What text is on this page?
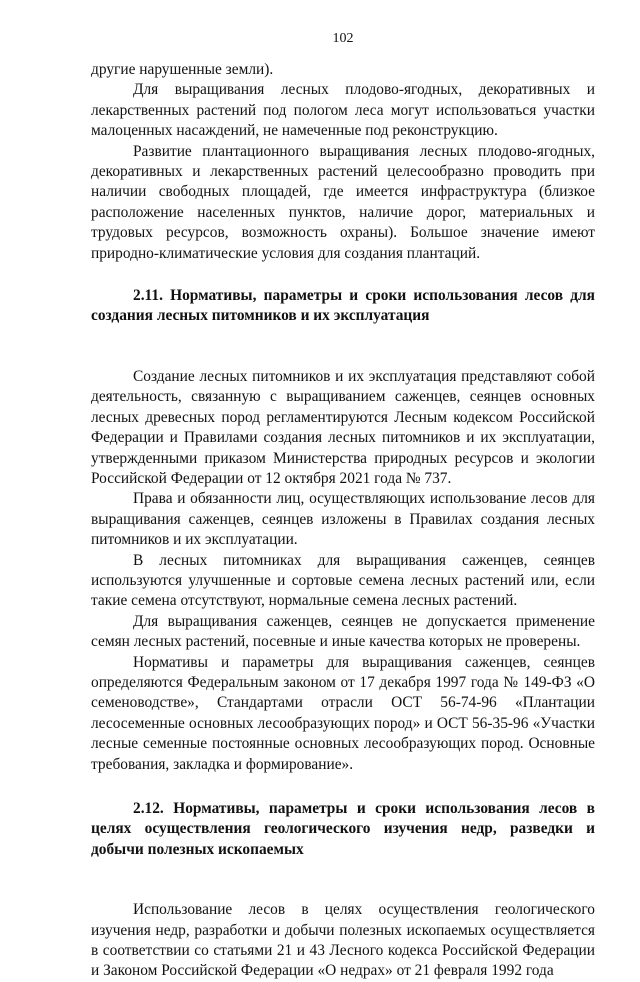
102

другие нарушенные земли).

Для выращивания лесных плодово-ягодных, декоративных и лекарственных растений под пологом леса могут использоваться участки малоценных насаждений, не намеченные под реконструкцию.

Развитие плантационного выращивания лесных плодово-ягодных, декоративных и лекарственных растений целесообразно проводить при наличии свободных площадей, где имеется инфраструктура (близкое расположение населенных пунктов, наличие дорог, материальных и трудовых ресурсов, возможность охраны). Большое значение имеют природно-климатические условия для создания плантаций.

2.11. Нормативы, параметры и сроки использования лесов для создания лесных питомников и их эксплуатация

Создание лесных питомников и их эксплуатация представляют собой деятельность, связанную с выращиванием саженцев, сеянцев основных лесных древесных пород регламентируются Лесным кодексом Российской Федерации и Правилами создания лесных питомников и их эксплуатации, утвержденными приказом Министерства природных ресурсов и экологии Российской Федерации от 12 октября 2021 года № 737.

Права и обязанности лиц, осуществляющих использование лесов для выращивания саженцев, сеянцев изложены в Правилах создания лесных питомников и их эксплуатации.

В лесных питомниках для выращивания саженцев, сеянцев используются улучшенные и сортовые семена лесных растений или, если такие семена отсутствуют, нормальные семена лесных растений.

Для выращивания саженцев, сеянцев не допускается применение семян лесных растений, посевные и иные качества которых не проверены.

Нормативы и параметры для выращивания саженцев, сеянцев определяются Федеральным законом от 17 декабря 1997 года № 149-ФЗ «О семеноводстве», Стандартами отрасли ОСТ 56-74-96 «Плантации лесосеменные основных лесообразующих пород» и ОСТ 56-35-96 «Участки лесные семенные постоянные основных лесообразующих пород. Основные требования, закладка и формирование».

2.12. Нормативы, параметры и сроки использования лесов в целях осуществления геологического изучения недр, разведки и добычи полезных ископаемых

Использование лесов в целях осуществления геологического изучения недр, разработки и добычи полезных ископаемых осуществляется в соответствии со статьями 21 и 43 Лесного кодекса Российской Федерации и Законом Российской Федерации «О недрах» от 21 февраля 1992 года
